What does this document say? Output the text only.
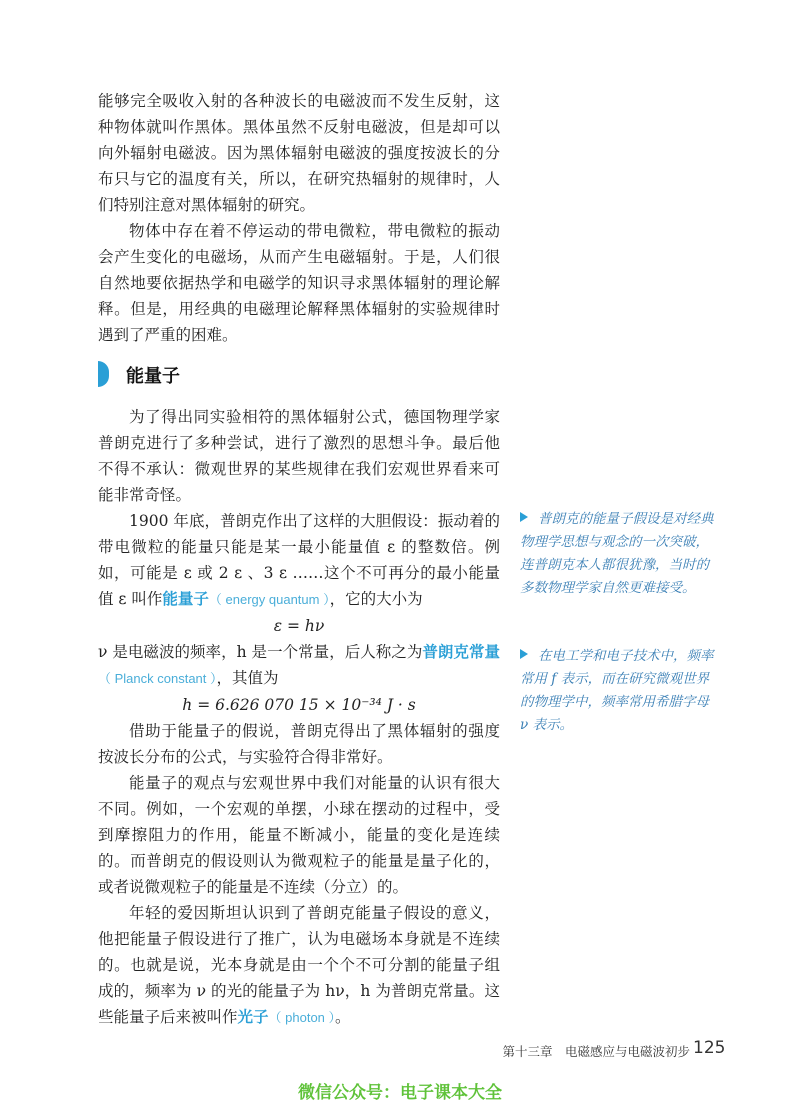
能够完全吸收入射的各种波长的电磁波而不发生反射，这种物体就叫作黑体。黑体虽然不反射电磁波，但是却可以向外辐射电磁波。因为黑体辐射电磁波的强度按波长的分布只与它的温度有关，所以，在研究热辐射的规律时，人们特别注意对黑体辐射的研究。

物体中存在着不停运动的带电微粒，带电微粒的振动会产生变化的电磁场，从而产生电磁辐射。于是，人们很自然地要依据热学和电磁学的知识寻求黑体辐射的理论解释。但是，用经典的电磁理论解释黑体辐射的实验规律时遇到了严重的困难。

能量子

为了得出同实验相符的黑体辐射公式，德国物理学家普朗克进行了多种尝试，进行了激烈的思想斗争。最后他不得不承认：微观世界的某些规律在我们宏观世界看来可能非常奇怪。

1900 年底，普朗克作出了这样的大胆假设：振动着的带电微粒的能量只能是某一最小能量值 ε 的整数倍。例如，可能是 ε 或 2 ε 、3 ε ……这个不可再分的最小能量值 ε 叫作能量子（ energy quantum ），它的大小为

ε = hν

ν 是电磁波的频率，h 是一个常量，后人称之为普朗克常量（ Planck constant ），其值为

h = 6.626 070 15 × 10⁻³⁴ J · s

借助于能量子的假说，普朗克得出了黑体辐射的强度按波长分布的公式，与实验符合得非常好。

能量子的观点与宏观世界中我们对能量的认识有很大不同。例如，一个宏观的单摆，小球在摆动的过程中，受到摩擦阻力的作用，能量不断减小，能量的变化是连续的。而普朗克的假设则认为微观粒子的能量是量子化的，或者说微观粒子的能量是不连续（分立）的。

年轻的爱因斯坦认识到了普朗克能量子假设的意义，他把能量子假设进行了推广，认为电磁场本身就是不连续的。也就是说，光本身就是由一个个不可分割的能量子组成的，频率为 ν 的光的能量子为 hν，h 为普朗克常量。这些能量子后来被叫作光子（ photon ）。

普朗克的能量子假设是对经典物理学思想与观念的一次突破，连普朗克本人都很犹豫，当时的多数物理学家自然更难接受。
在电工学和电子技术中，频率常用 f 表示，而在研究微观世界的物理学中，频率常用希腊字母 ν 表示。
第十三章　电磁感应与电磁波初步 125
微信公众号：电子课本大全
